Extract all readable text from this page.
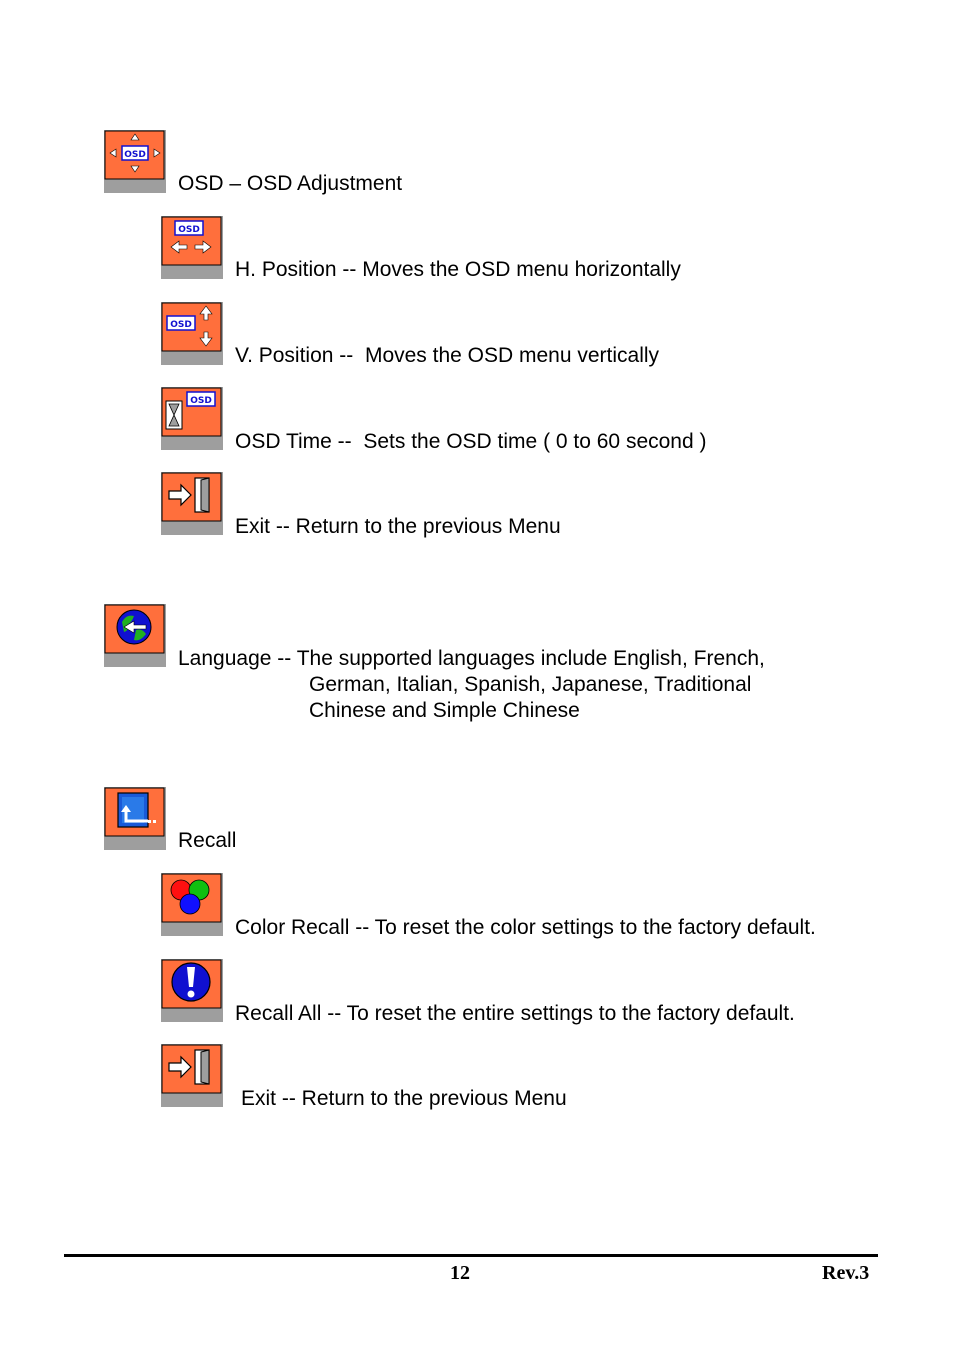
OSD
OSD – OSD Adjustment
OSD
H. Position -- Moves the OSD menu horizontally
OSD
V. Position --  Moves the OSD menu vertically
OSD
OSD Time --  Sets the OSD time ( 0 to 60 second )
Exit -- Return to the previous Menu
Language -- The supported languages include English, French,
German, Italian, Spanish, Japanese, Traditional
Chinese and Simple Chinese
Recall
Color Recall -- To reset the color settings to the factory default.
Recall All -- To reset the entire settings to the factory default.
Exit -- Return to the previous Menu
12	Rev.3
